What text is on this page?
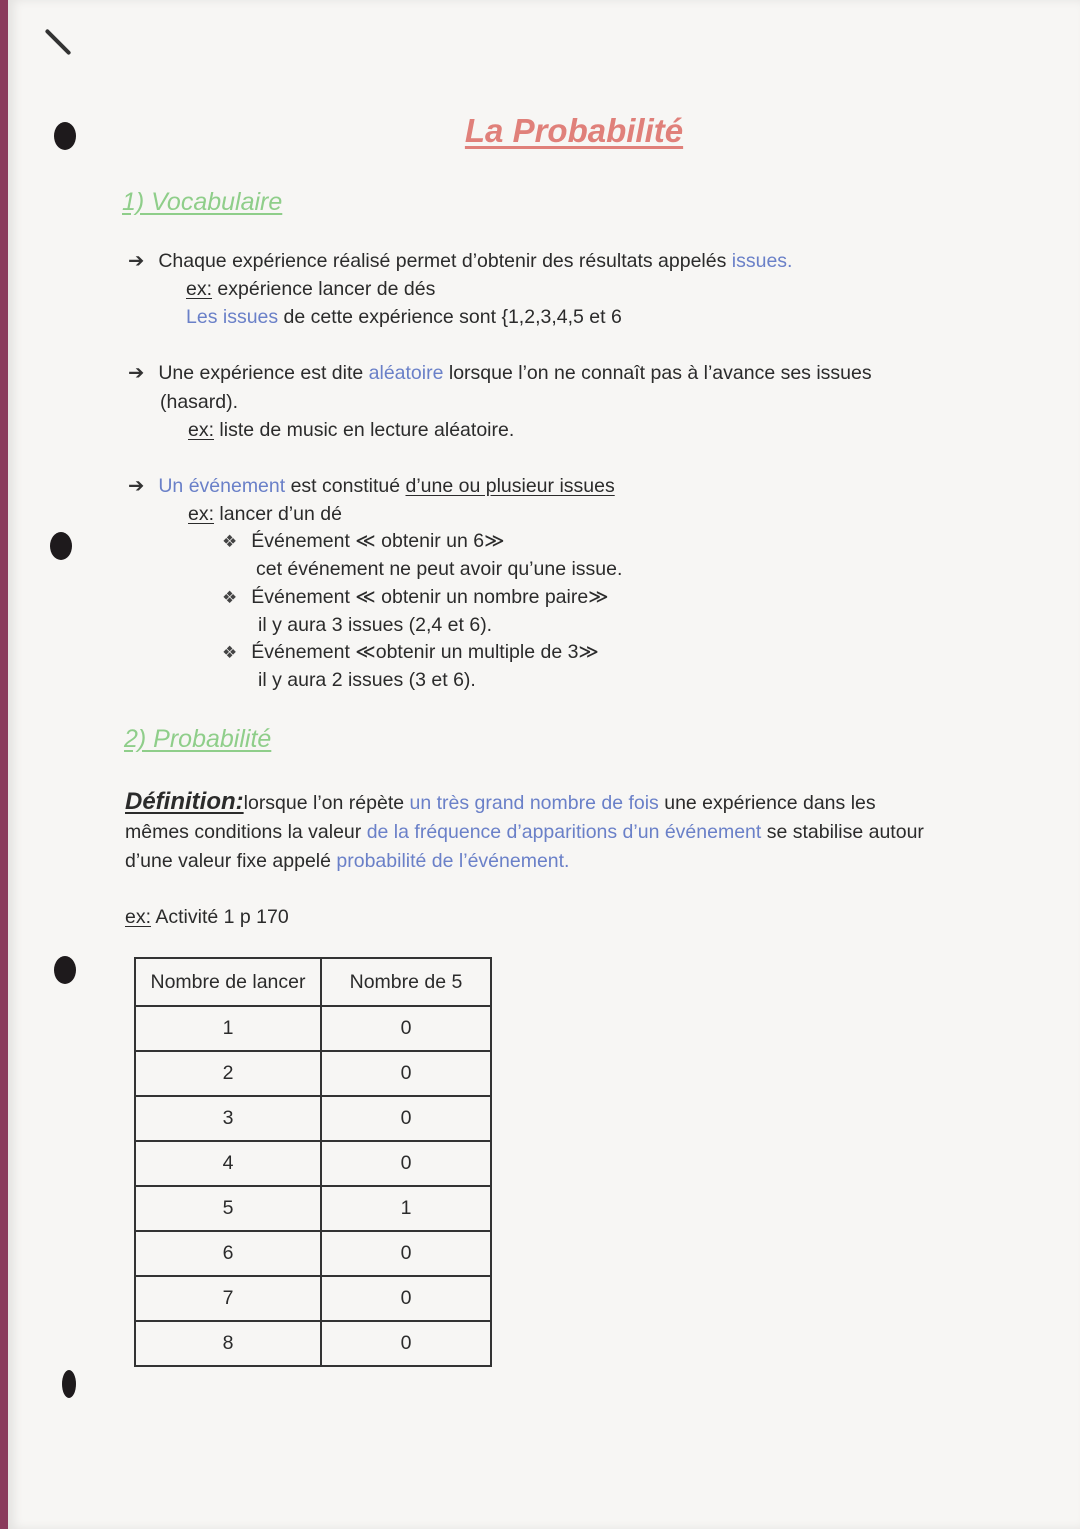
La Probabilité
1) Vocabulaire
➔ Chaque expérience réalisé permet d’obtenir des résultats appelés issues.
ex: expérience lancer de dés
Les issues de cette expérience sont {1,2,3,4,5 et 6
➔ Une expérience est dite aléatoire lorsque l’on ne connaît pas à l’avance ses issues
(hasard).
ex: liste de music en lecture aléatoire.
➔ Un événement est constitué d’une ou plusieur issues
ex: lancer d’un dé
❖ Événement ≪ obtenir un 6≫
cet événement ne peut avoir qu’une issue.
❖ Événement ≪ obtenir un nombre paire≫
il y aura 3 issues (2,4 et 6).
❖ Événement ≪obtenir un multiple de 3≫
il y aura 2 issues (3 et 6).
2) Probabilité
Définition:lorsque l’on répète un très grand nombre de fois une expérience dans les
mêmes conditions la valeur de la fréquence d’apparitions d’un événement se stabilise autour
d’une valeur fixe appelé probabilité de l’événement.
ex: Activité 1 p 170
Nombre de lancer	Nombre de 5
1	0
2	0
3	0
4	0
5	1
6	0
7	0
8	0
